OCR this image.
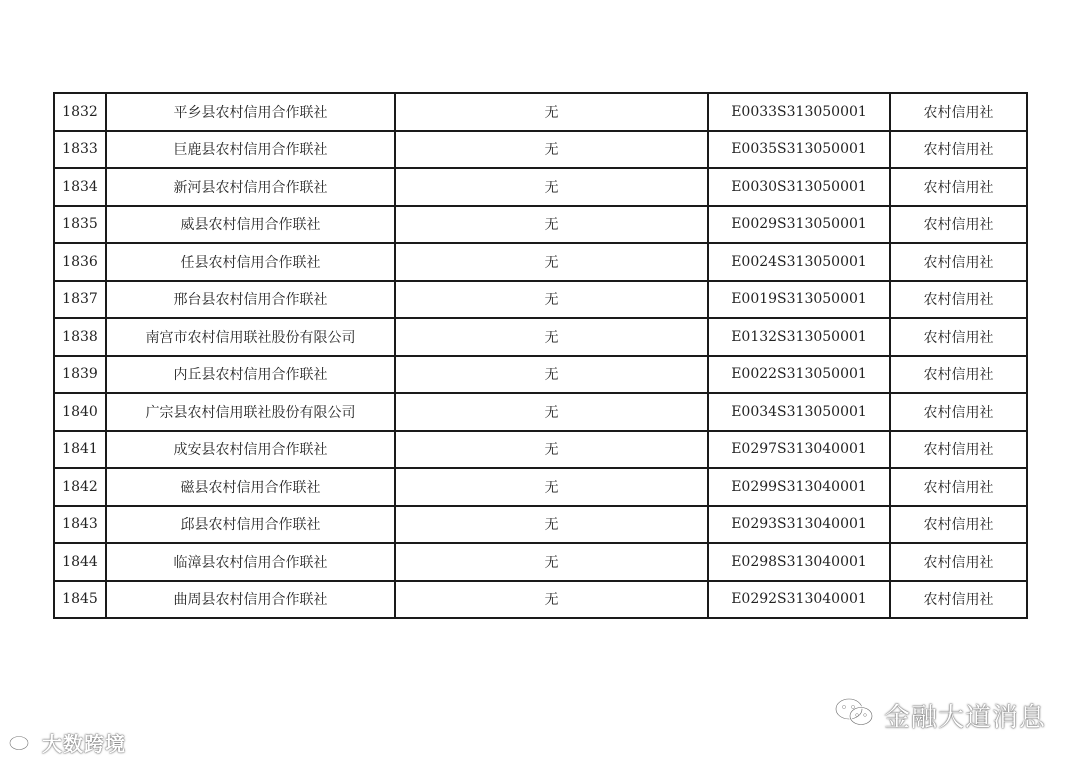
1832	平乡县农村信用合作联社	无	E0033S313050001	农村信用社
1833	巨鹿县农村信用合作联社	无	E0035S313050001	农村信用社
1834	新河县农村信用合作联社	无	E0030S313050001	农村信用社
1835	威县农村信用合作联社	无	E0029S313050001	农村信用社
1836	任县农村信用合作联社	无	E0024S313050001	农村信用社
1837	邢台县农村信用合作联社	无	E0019S313050001	农村信用社
1838	南宫市农村信用联社股份有限公司	无	E0132S313050001	农村信用社
1839	内丘县农村信用合作联社	无	E0022S313050001	农村信用社
1840	广宗县农村信用联社股份有限公司	无	E0034S313050001	农村信用社
1841	成安县农村信用合作联社	无	E0297S313040001	农村信用社
1842	磁县农村信用合作联社	无	E0299S313040001	农村信用社
1843	邱县农村信用合作联社	无	E0293S313040001	农村信用社
1844	临漳县农村信用合作联社	无	E0298S313040001	农村信用社
1845	曲周县农村信用合作联社	无	E0292S313040001	农村信用社
大数跨境
金融大道消息
